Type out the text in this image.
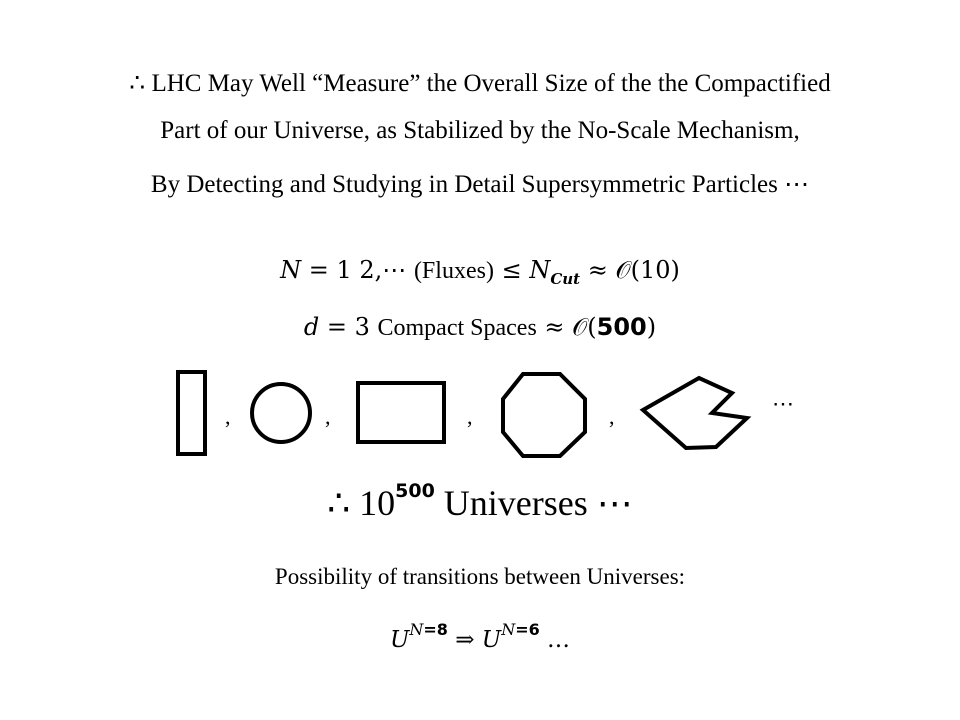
∴ LHC May Well “Measure” the Overall Size of the the Compactified
Part of our Universe, as Stabilized by the No-Scale Mechanism,
By Detecting and Studying in Detail Supersymmetric Particles ⋯
N = 1 2,⋯ (Fluxes) ≤ $N_{Cut}$ ≈ 𝒪(10)
d = 3 Compact Spaces ≈ 𝒪(500)
,	,	,	,	⋯
∴ $10^{500}$ Universes ⋯
Possibility of transitions between Universes:
$U^{N=8}$ ⇒ $U^{N=6}$ …
